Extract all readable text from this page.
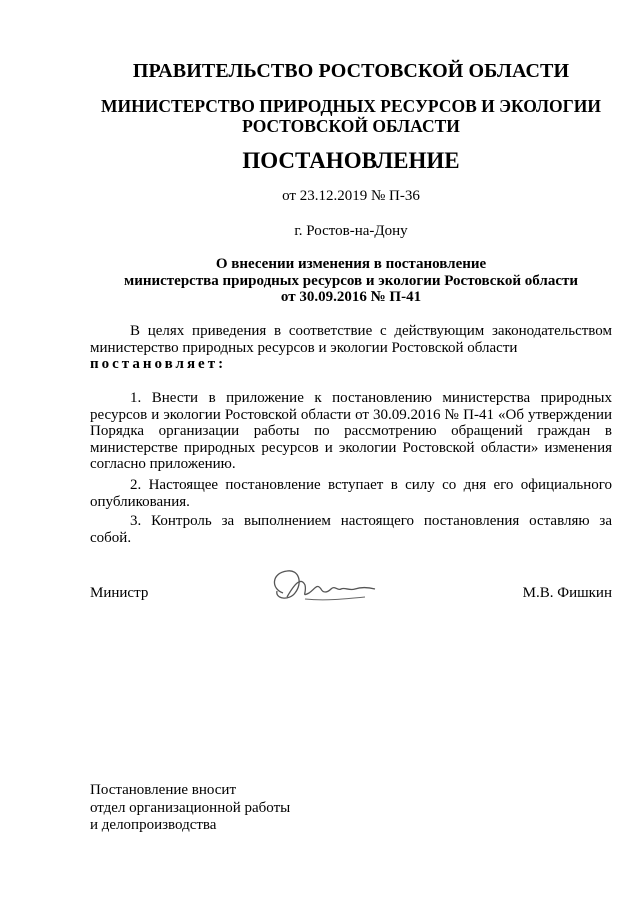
ПРАВИТЕЛЬСТВО РОСТОВСКОЙ ОБЛАСТИ
МИНИСТЕРСТВО ПРИРОДНЫХ РЕСУРСОВ И ЭКОЛОГИИ
РОСТОВСКОЙ ОБЛАСТИ
ПОСТАНОВЛЕНИЕ
от 23.12.2019 № П-36
г. Ростов-на-Дону
О внесении изменения в постановление
министерства природных ресурсов и экологии Ростовской области
от 30.09.2016 № П-41
В целях приведения в соответствие с действующим законодательством министерство природных ресурсов и экологии Ростовской области
постановляет:
1. Внести в приложение к постановлению министерства природных ресурсов и экологии Ростовской области от 30.09.2016 № П-41 «Об утверждении Порядка организации работы по рассмотрению обращений граждан в министерстве природных ресурсов и экологии Ростовской области» изменения согласно приложению.
2. Настоящее постановление вступает в силу со дня его официального опубликования.
3. Контроль за выполнением настоящего постановления оставляю за собой.
Министр	М.В. Фишкин
Постановление вносит
отдел организационной работы
и делопроизводства
